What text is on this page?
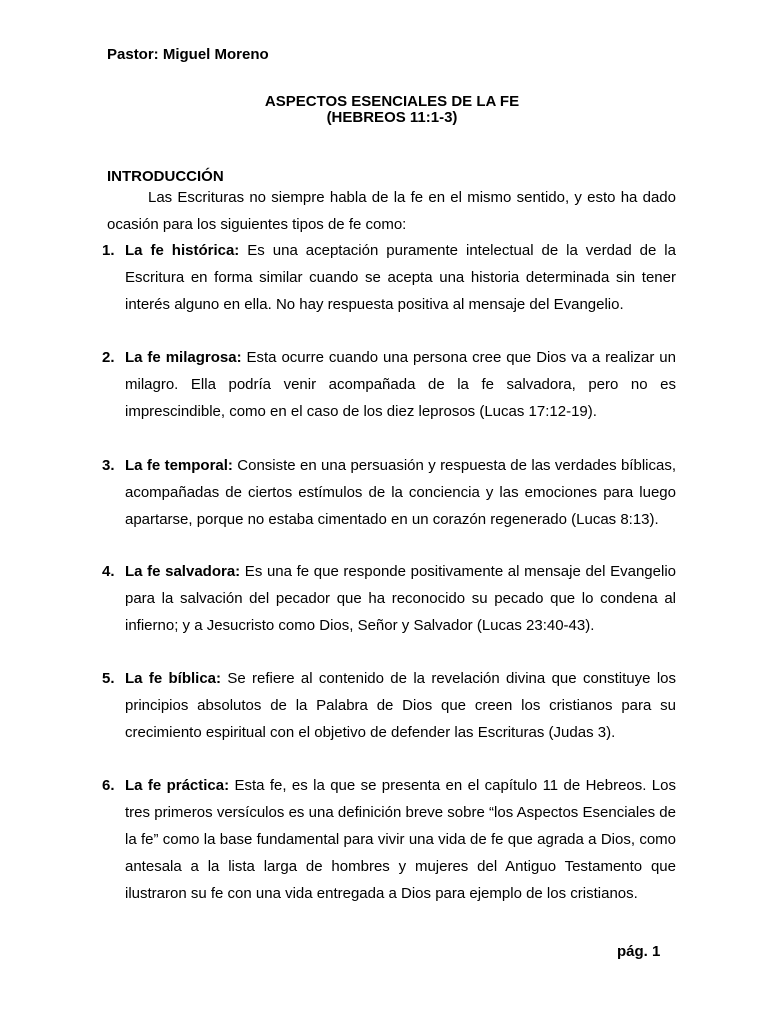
Pastor: Miguel Moreno
ASPECTOS ESENCIALES DE LA FE
(HEBREOS 11:1-3)
INTRODUCCIÓN
Las Escrituras no siempre habla de la fe en el mismo sentido, y esto ha dado ocasión para los siguientes tipos de fe como:
1. La fe histórica: Es una aceptación puramente intelectual de la verdad de la Escritura en forma similar cuando se acepta una historia determinada sin tener interés alguno en ella. No hay respuesta positiva al mensaje del Evangelio.
2. La fe milagrosa: Esta ocurre cuando una persona cree que Dios va a realizar un milagro. Ella podría venir acompañada de la fe salvadora, pero no es imprescindible, como en el caso de los diez leprosos (Lucas 17:12-19).
3. La fe temporal: Consiste en una persuasión y respuesta de las verdades bíblicas, acompañadas de ciertos estímulos de la conciencia y las emociones para luego apartarse, porque no estaba cimentado en un corazón regenerado (Lucas 8:13).
4. La fe salvadora: Es una fe que responde positivamente al mensaje del Evangelio para la salvación del pecador que ha reconocido su pecado que lo condena al infierno; y a Jesucristo como Dios, Señor y Salvador (Lucas 23:40-43).
5. La fe bíblica: Se refiere al contenido de la revelación divina que constituye los principios absolutos de la Palabra de Dios que creen los cristianos para su crecimiento espiritual con el objetivo de defender las Escrituras (Judas 3).
6. La fe práctica: Esta fe, es la que se presenta en el capítulo 11 de Hebreos. Los tres primeros versículos es una definición breve sobre “los Aspectos Esenciales de la fe” como la base fundamental para vivir una vida de fe que agrada a Dios, como antesala a la lista larga de hombres y mujeres del Antiguo Testamento que ilustraron su fe con una vida entregada a Dios para ejemplo de los cristianos.
pág. 1
